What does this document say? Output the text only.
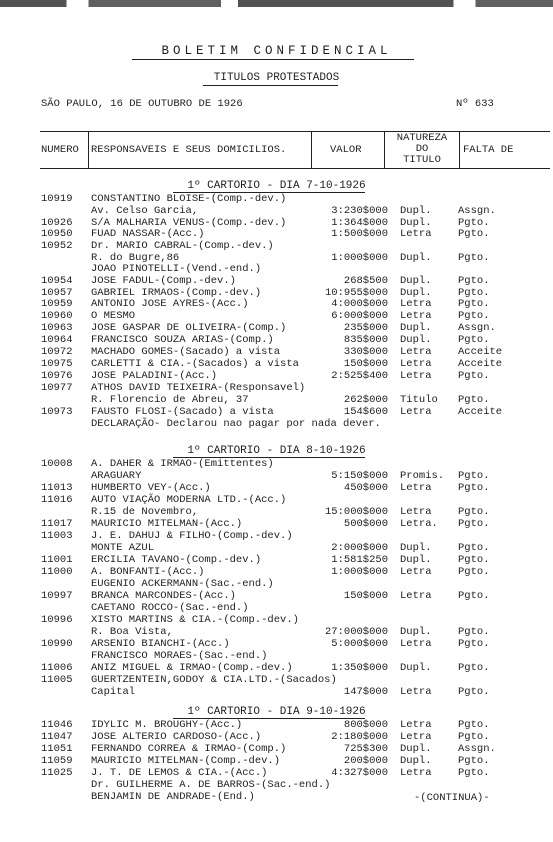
BOLETIM CONFIDENCIAL
TITULOS PROTESTADOS
SÃO PAULO, 16 DE OUTUBRO DE 1926	Nº 633
NUMERO RESPONSAVEIS E SEUS DOMICILIOS.	VALOR
NATUREZA
DO
TITULO
FALTA DE
1º CARTORIO - DIA 7-10-1926
1º CARTORIO - DIA 8-10-1926
1º CARTORIO - DIA 9-10-1926
10919 CONSTANTINO BLOISE-(Comp.-dev.)
Av. Celso Garcia,	3:230$000 Dupl.	Assgn.
10926 S/A MALHARIA VENUS-(Comp.-dev.)	1:364$000 Dupl.	Pgto.
10950 FUAD NASSAR-(Acc.)	1:500$000 Letra	Pgto.
10952 Dr. MARIO CABRAL-(Comp.-dev.)
R. do Bugre,86	1:000$000 Dupl.	Pgto.
JOAO PINOTELLI-(Vend.-end.)
10954 JOSE FADUL-(Comp.-dev.)	268$500 Dupl.	Pgto.
10957 GABRIEL IRMAOS-(Comp.-dev.)	10:955$000 Dupl.	Pgto.
10959 ANTONIO JOSE AYRES-(Acc.)	4:000$000 Letra	Pgto.
10960 O MESMO	6:000$000 Letra	Pgto.
10963 JOSE GASPAR DE OLIVEIRA-(Comp.)	235$000 Dupl.	Assgn.
10964 FRANCISCO SOUZA ARIAS-(Comp.)	835$000 Dupl.	Pgto.
10972 MACHADO GOMES-(Sacado) a vista	330$000 Letra	Acceite
10975 CARLETTI & CIA.-(Sacados) a vista	150$000 Letra	Acceite
10976 JOSE PALADINI-(Acc.)	2:525$400 Letra	Pgto.
10977 ATHOS DAVID TEIXEIRA-(Responsavel)
R. Florencio de Abreu, 37	262$000 Titulo Pgto.
10973 FAUSTO FLOSI-(Sacado) a vista	154$600 Letra	Acceite
DECLARAÇÃO- Declarou nao pagar por nada dever.
10008 A. DAHER & IRMAO-(Emittentes)
ARAGUARY	5:150$000 Promis. Pgto.
11013 HUMBERTO VEY-(Acc.)	450$000 Letra	Pgto.
11016 AUTO VIAÇÃO MODERNA LTD.-(Acc.)
R.15 de Novembro,	15:000$000 Letra	Pgto.
11017 MAURICIO MITELMAN-(Acc.)	500$000 Letra. Pgto.
11003 J. E. DAHUJ & FILHO-(Comp.-dev.)
MONTE AZUL	2:000$000 Dupl.	Pgto.
11001 ERCILIA TAVANO-(Comp.-dev.)	1:581$250 Dupl.	Pgto.
11000 A. BONFANTI-(Acc.)	1:000$000 Letra	Pgto.
EUGENIO ACKERMANN-(Sac.-end.)
10997 BRANCA MARCONDES-(Acc.)	150$000 Letra	Pgto.
CAETANO ROCCO-(Sac.-end.)
10996 XISTO MARTINS & CIA.-(Comp.-dev.)
R. Boa Vista,	27:000$000 Dupl.	Pgto.
10990 ARSENIO BIANCHI-(Acc.)	5:000$000 Letra	Pgto.
FRANCISCO MORAES-(Sac.-end.)
11006 ANIZ MIGUEL & IRMAO-(Comp.-dev.)	1:350$000 Dupl.	Pgto.
11005 GUERTZENTEIN,GODOY & CIA.LTD.-(Sacados)
Capital	147$000 Letra	Pgto.
11046 IDYLIC M. BROUGHY-(Acc.)	800$000 Letra	Pgto.
11047 JOSE ALTERIO CARDOSO-(Acc.)	2:180$000 Letra	Pgto.
11051 FERNANDO CORREA & IRMAO-(Comp.)	725$300 Dupl.	Assgn.
11059 MAURICIO MITELMAN-(Comp.-dev.)	200$000 Dupl.	Pgto.
11025 J. T. DE LEMOS & CIA.-(Acc.)	4:327$000 Letra	Pgto.
Dr. GUILHERME A. DE BARROS-(Sac.-end.)
BENJAMIN DE ANDRADE-(End.)	-(CONTINUA)-
